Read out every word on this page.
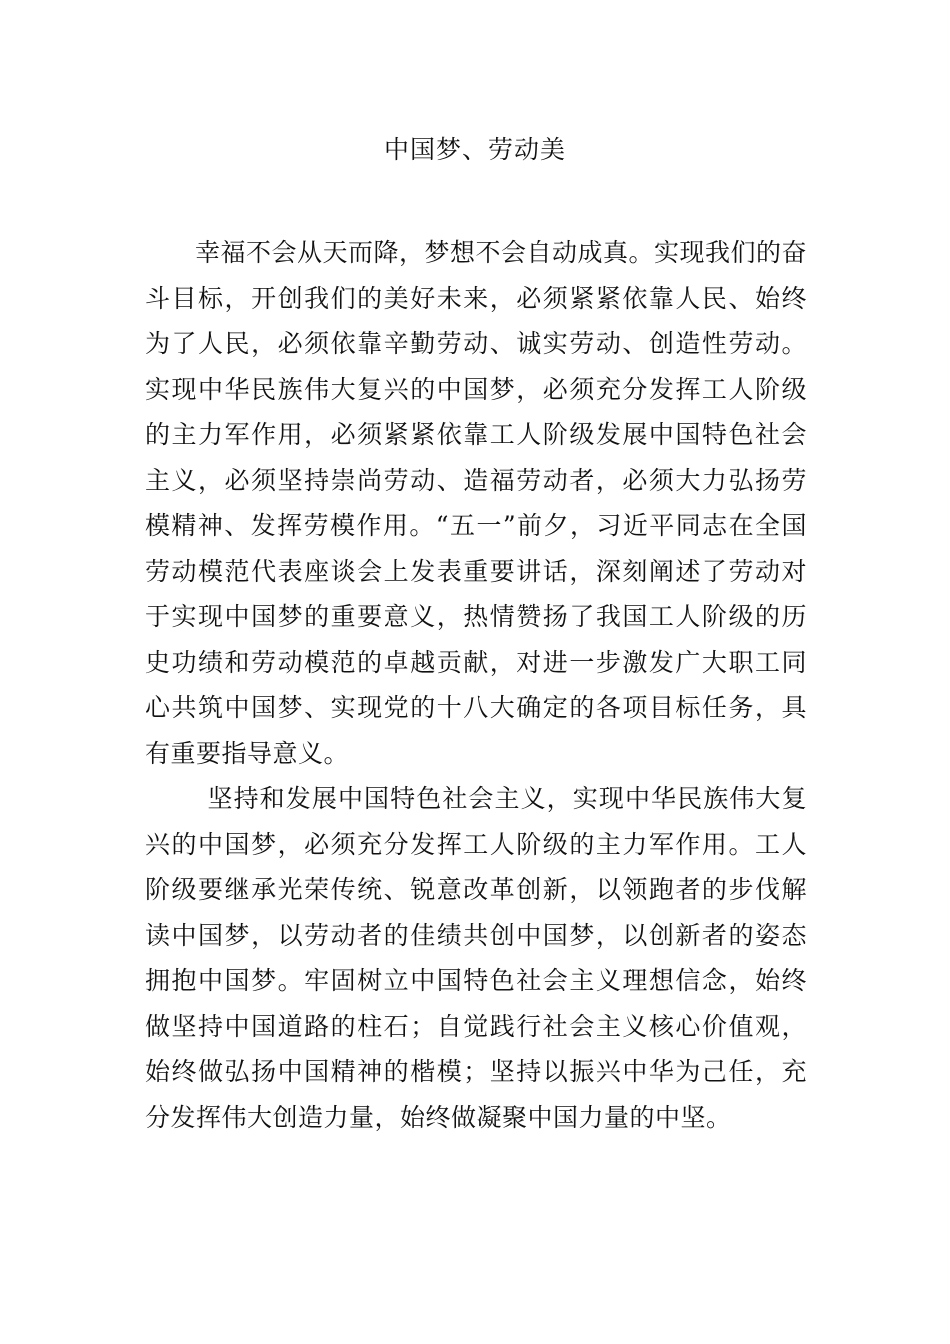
中国梦、劳动美

幸福不会从天而降，梦想不会自动成真。实现我们的奋斗目标，开创我们的美好未来，必须紧紧依靠人民、始终为了人民，必须依靠辛勤劳动、诚实劳动、创造性劳动。实现中华民族伟大复兴的中国梦，必须充分发挥工人阶级的主力军作用，必须紧紧依靠工人阶级发展中国特色社会主义，必须坚持崇尚劳动、造福劳动者，必须大力弘扬劳模精神、发挥劳模作用。“五一”前夕，习近平同志在全国劳动模范代表座谈会上发表重要讲话，深刻阐述了劳动对于实现中国梦的重要意义，热情赞扬了我国工人阶级的历史功绩和劳动模范的卓越贡献，对进一步激发广大职工同心共筑中国梦、实现党的十八大确定的各项目标任务，具有重要指导意义。

坚持和发展中国特色社会主义，实现中华民族伟大复兴的中国梦，必须充分发挥工人阶级的主力军作用。工人阶级要继承光荣传统、锐意改革创新，以领跑者的步伐解读中国梦，以劳动者的佳绩共创中国梦，以创新者的姿态拥抱中国梦。牢固树立中国特色社会主义理想信念，始终做坚持中国道路的柱石；自觉践行社会主义核心价值观，始终做弘扬中国精神的楷模；坚持以振兴中华为己任，充分发挥伟大创造力量，始终做凝聚中国力量的中坚。
